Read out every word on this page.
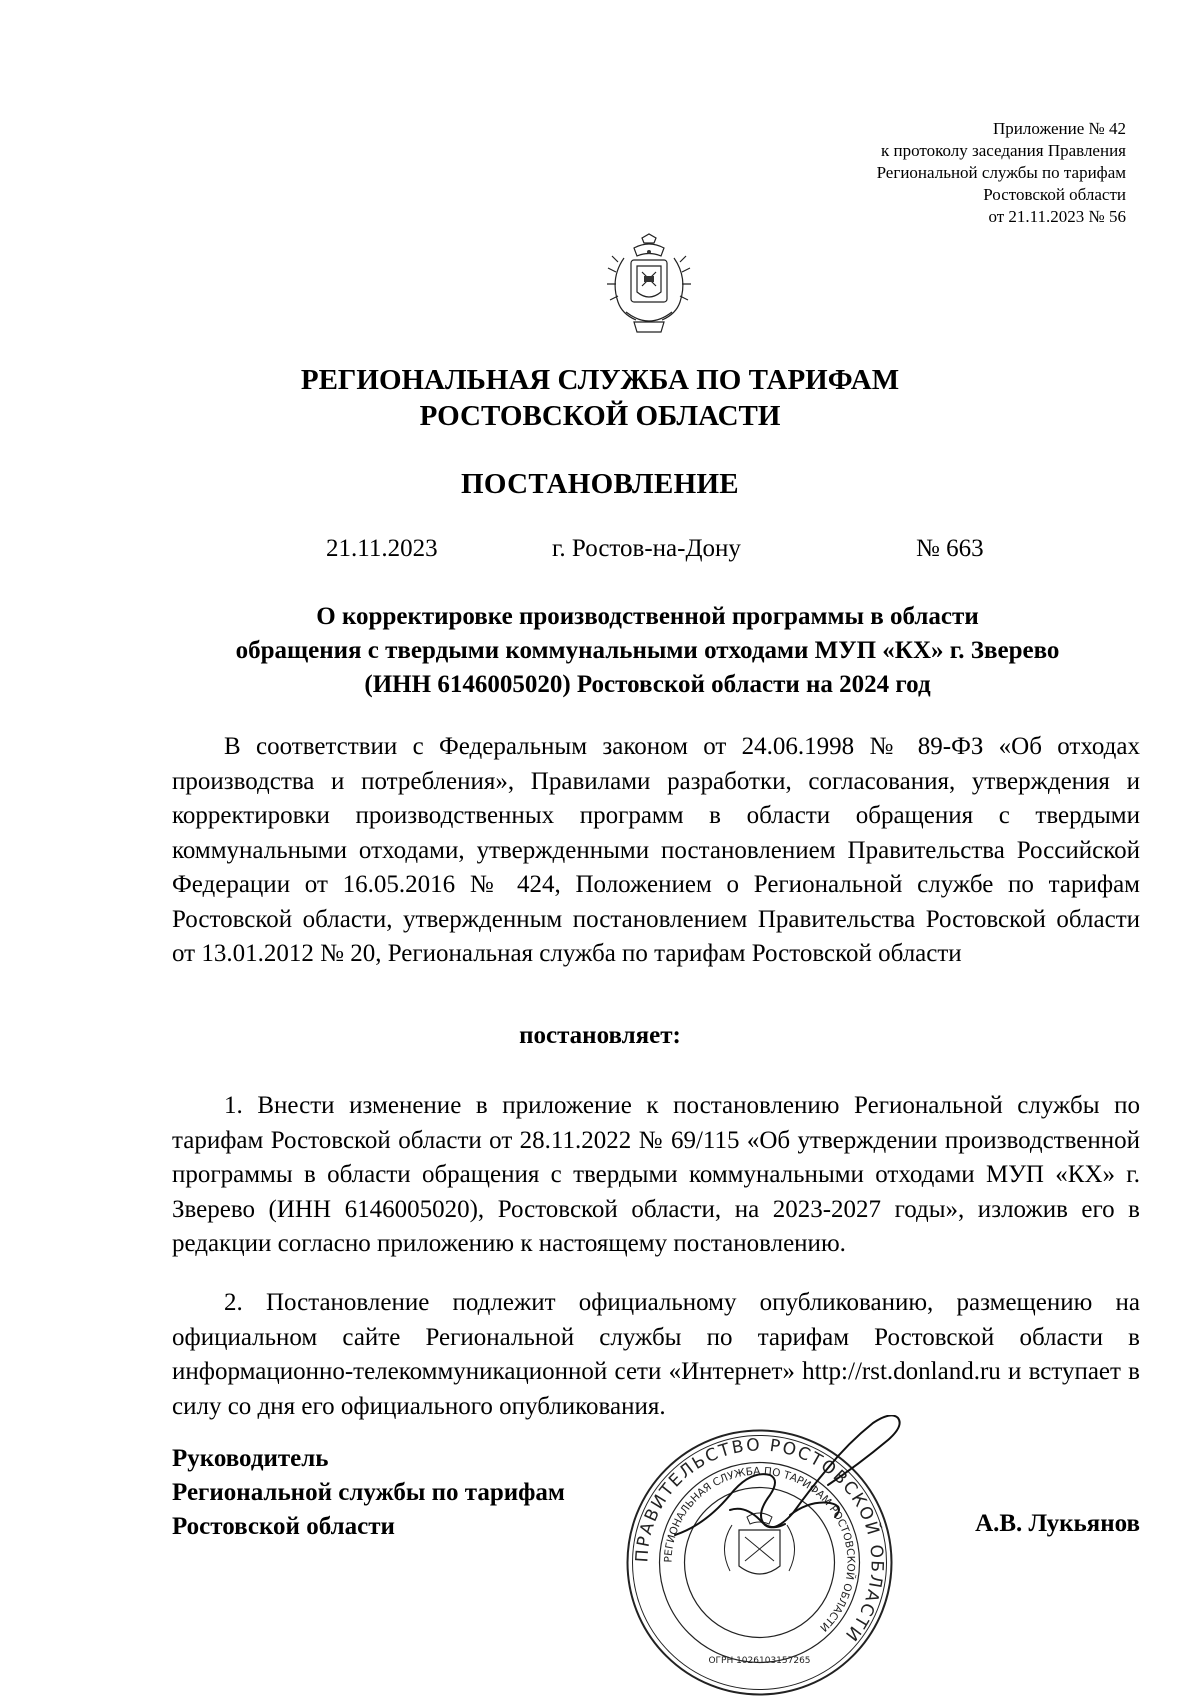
Приложение № 42
к протоколу заседания Правления
Региональной службы по тарифам
Ростовской области
от 21.11.2023 № 56
РЕГИОНАЛЬНАЯ СЛУЖБА ПО ТАРИФАМ
РОСТОВСКОЙ ОБЛАСТИ
ПОСТАНОВЛЕНИЕ
21.11.2023	г. Ростов-на-Дону	№ 663
О корректировке производственной программы в области
обращения с твердыми коммунальными отходами МУП «КХ» г. Зверево
(ИНН 6146005020) Ростовской области на 2024 год

В соответствии с Федеральным законом от 24.06.1998 № 89-ФЗ «Об отходах производства и потребления», Правилами разработки, согласования, утверждения и корректировки производственных программ в области обращения с твердыми коммунальными отходами, утвержденными постановлением Правительства Российской Федерации от 16.05.2016 № 424, Положением о Региональной службе по тарифам Ростовской области, утвержденным постановлением Правительства Ростовской области от 13.01.2012 № 20, Региональная служба по тарифам Ростовской области

постановляет:

1. Внести изменение в приложение к постановлению Региональной службы по тарифам Ростовской области от 28.11.2022 № 69/115 «Об утверждении производственной программы в области обращения с твердыми коммунальными отходами МУП «КХ» г. Зверево (ИНН 6146005020), Ростовской области, на 2023-2027 годы», изложив его в редакции согласно приложению к настоящему постановлению.

2. Постановление подлежит официальному опубликованию, размещению на официальном сайте Региональной службы по тарифам Ростовской области в информационно-телекоммуникационной сети «Интернет» http://rst.donland.ru и вступает в силу со дня его официального опубликования.

Руководитель
Региональной службы по тарифам
Ростовской области	А.В. Лукьянов
ПРАВИТЕЛЬСТВО РОСТОВСКОЙ ОБЛАСТИ
РЕГИОНАЛЬНАЯ СЛУЖБА ПО ТАРИФАМ РОСТОВСКОЙ ОБЛАСТИ
ОГРН 1026103157265
